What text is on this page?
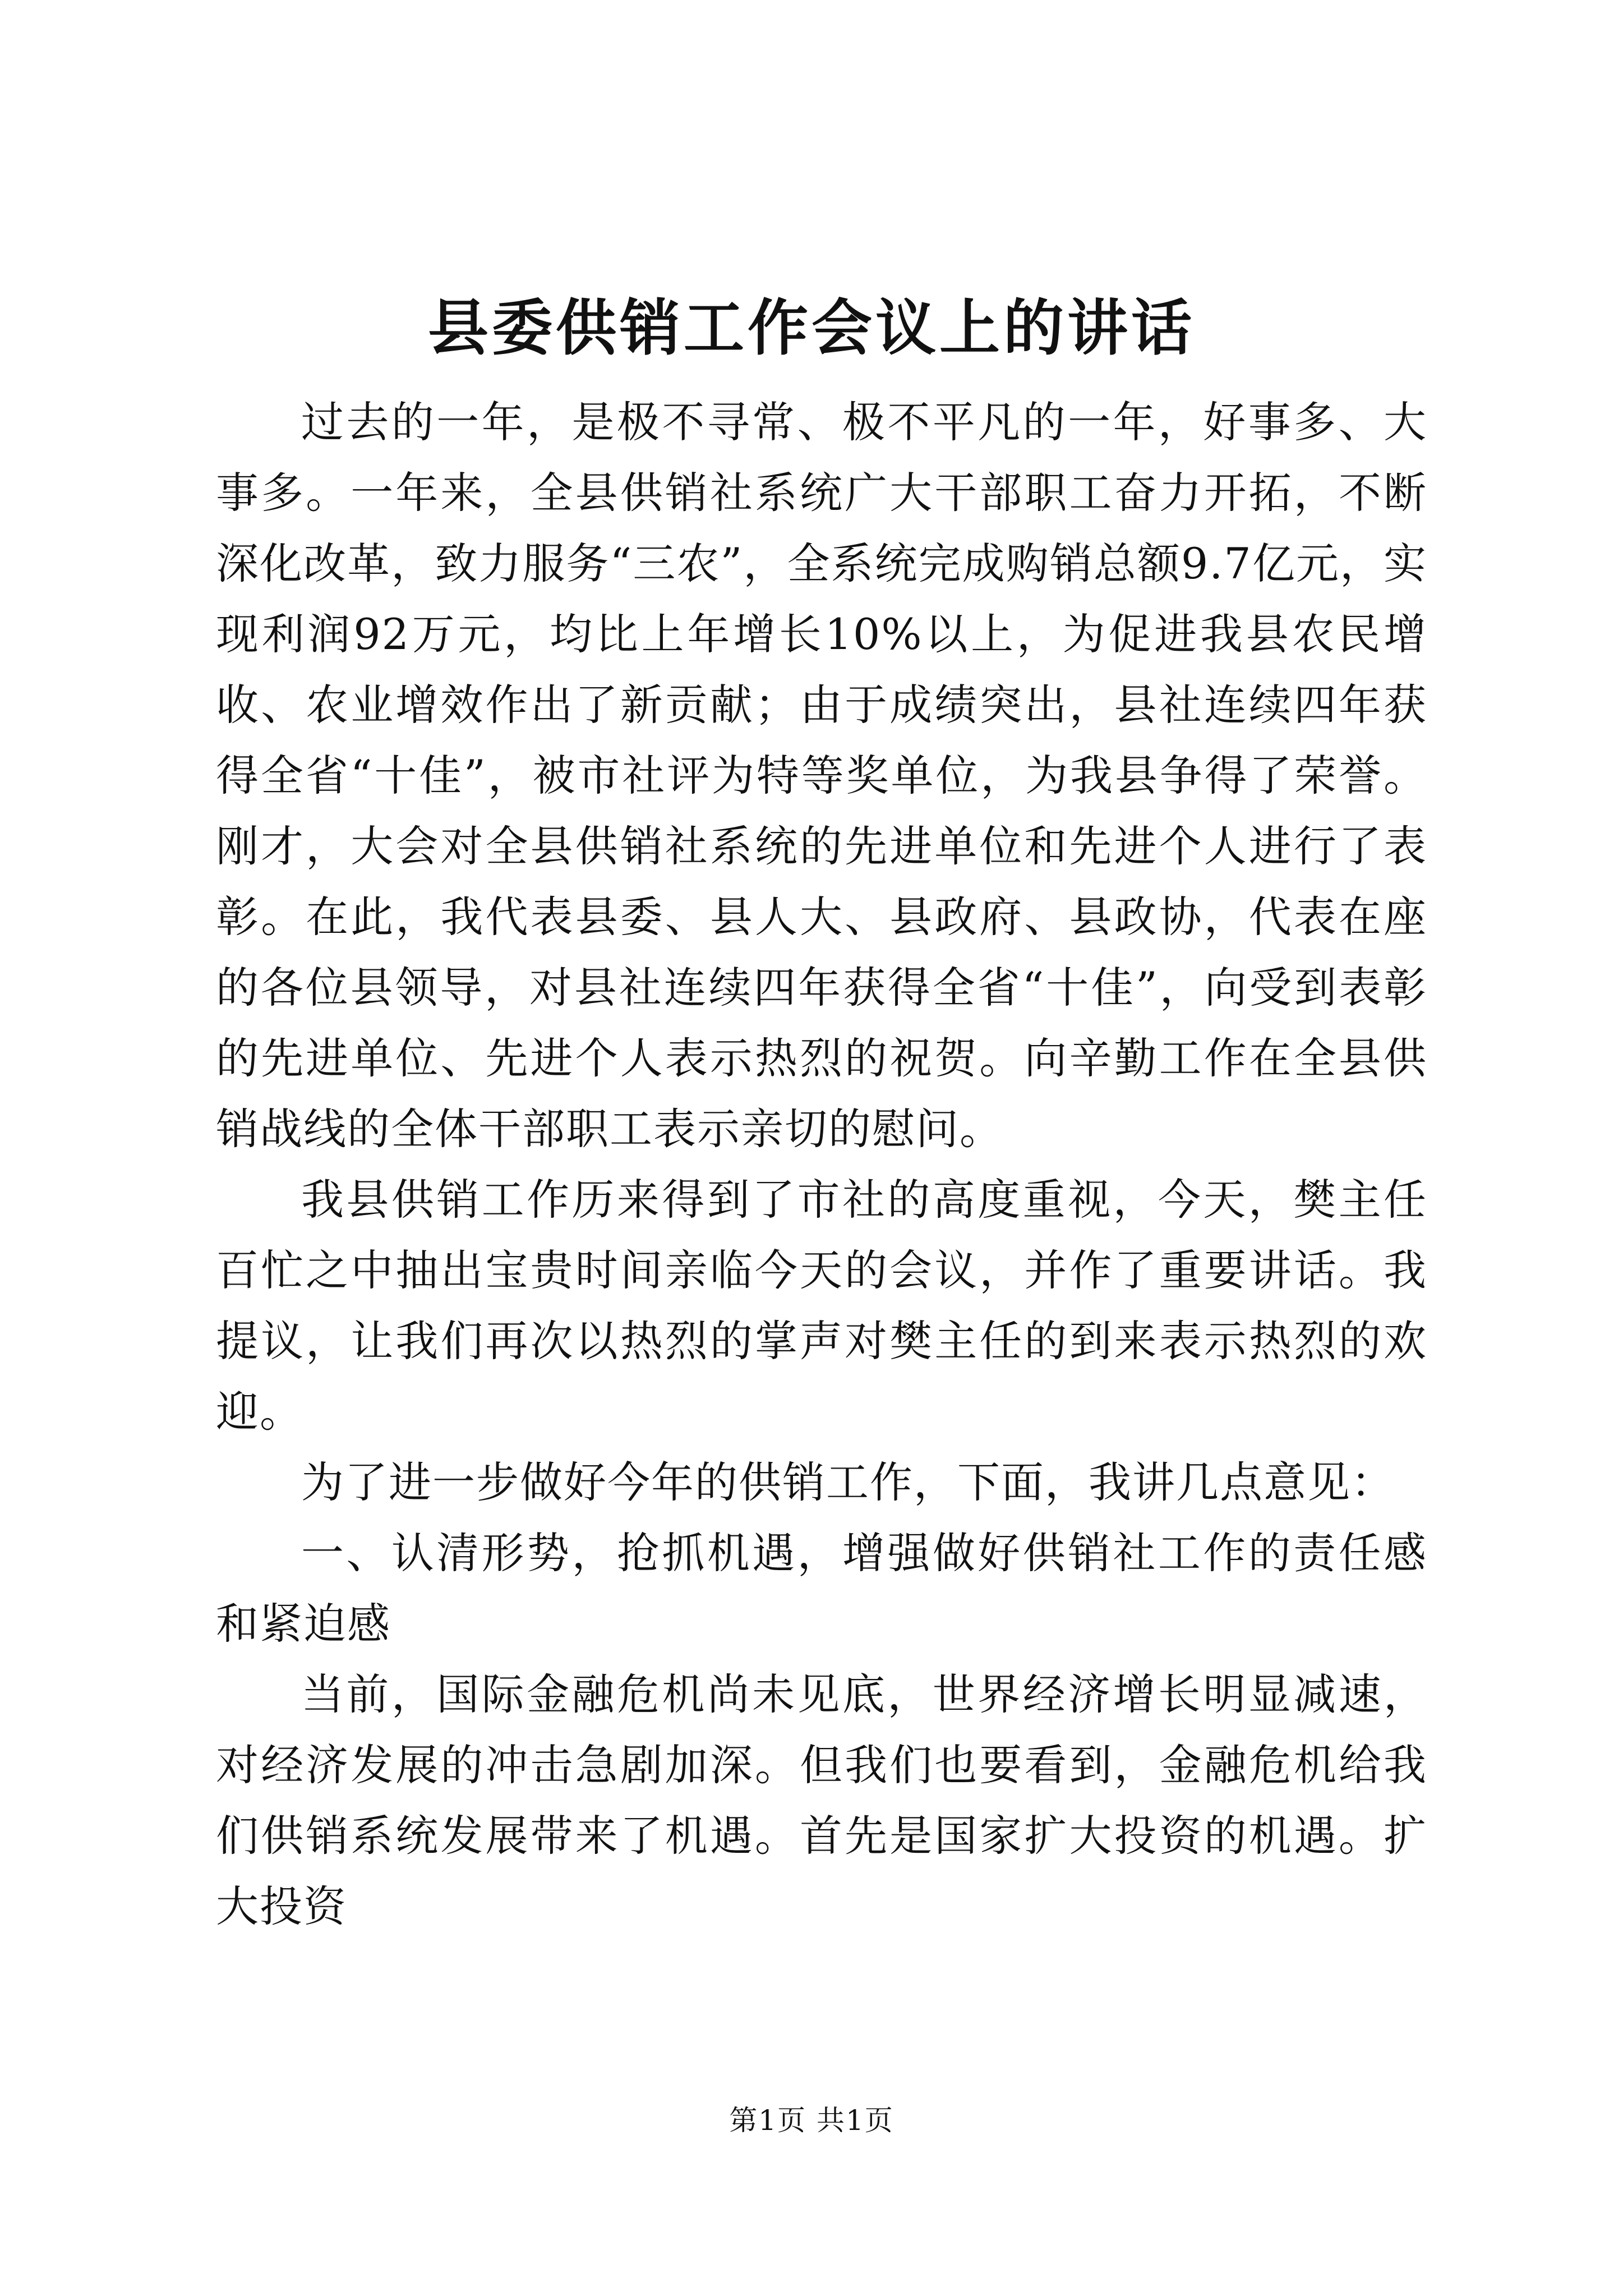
县委供销工作会议上的讲话

过去的一年，是极不寻常、极不平凡的一年，好事多、大事多。一年来，全县供销社系统广大干部职工奋力开拓，不断深化改革，致力服务“三农”，全系统完成购销总额9.7亿元，实现利润92万元，均比上年增长10%以上，为促进我县农民增收、农业增效作出了新贡献；由于成绩突出，县社连续四年获得全省“十佳”，被市社评为特等奖单位，为我县争得了荣誉。刚才，大会对全县供销社系统的先进单位和先进个人进行了表彰。在此，我代表县委、县人大、县政府、县政协，代表在座的各位县领导，对县社连续四年获得全省“十佳”，向受到表彰的先进单位、先进个人表示热烈的祝贺。向辛勤工作在全县供销战线的全体干部职工表示亲切的慰问。

我县供销工作历来得到了市社的高度重视，今天，樊主任百忙之中抽出宝贵时间亲临今天的会议，并作了重要讲话。我提议，让我们再次以热烈的掌声对樊主任的到来表示热烈的欢迎。

为了进一步做好今年的供销工作，下面，我讲几点意见：

一、认清形势，抢抓机遇，增强做好供销社工作的责任感和紧迫感

当前，国际金融危机尚未见底，世界经济增长明显减速，对经济发展的冲击急剧加深。但我们也要看到，金融危机给我们供销系统发展带来了机遇。首先是国家扩大投资的机遇。扩大投资

第1页 共1页
